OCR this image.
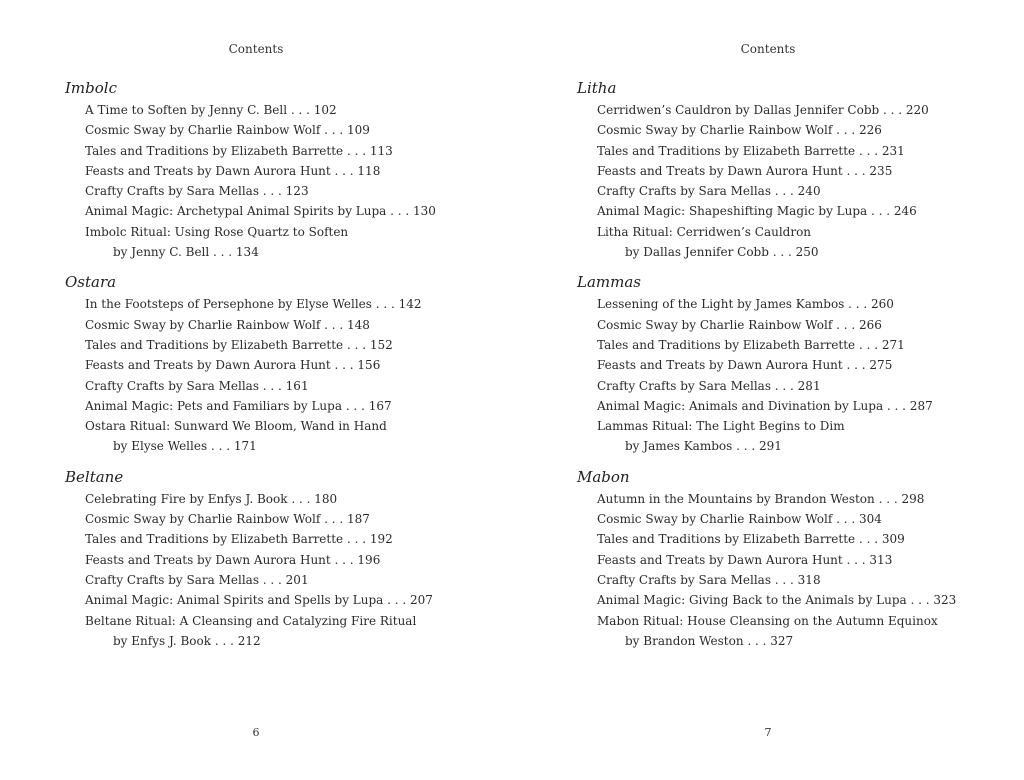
Contents
Imbolc
A Time to Soften by Jenny C. Bell . . . 102
Cosmic Sway by Charlie Rainbow Wolf . . . 109
Tales and Traditions by Elizabeth Barrette . . . 113
Feasts and Treats by Dawn Aurora Hunt . . . 118
Crafty Crafts by Sara Mellas . . . 123
Animal Magic: Archetypal Animal Spirits by Lupa . . . 130
Imbolc Ritual: Using Rose Quartz to Soften
by Jenny C. Bell . . . 134
Ostara
In the Footsteps of Persephone by Elyse Welles . . . 142
Cosmic Sway by Charlie Rainbow Wolf . . . 148
Tales and Traditions by Elizabeth Barrette . . . 152
Feasts and Treats by Dawn Aurora Hunt . . . 156
Crafty Crafts by Sara Mellas . . . 161
Animal Magic: Pets and Familiars by Lupa . . . 167
Ostara Ritual: Sunward We Bloom, Wand in Hand
by Elyse Welles . . . 171
Beltane
Celebrating Fire by Enfys J. Book . . . 180
Cosmic Sway by Charlie Rainbow Wolf . . . 187
Tales and Traditions by Elizabeth Barrette . . . 192
Feasts and Treats by Dawn Aurora Hunt . . . 196
Crafty Crafts by Sara Mellas . . . 201
Animal Magic: Animal Spirits and Spells by Lupa . . . 207
Beltane Ritual: A Cleansing and Catalyzing Fire Ritual
by Enfys J. Book . . . 212
6
Contents
Litha
Cerridwen’s Cauldron by Dallas Jennifer Cobb . . . 220
Cosmic Sway by Charlie Rainbow Wolf . . . 226
Tales and Traditions by Elizabeth Barrette . . . 231
Feasts and Treats by Dawn Aurora Hunt . . . 235
Crafty Crafts by Sara Mellas . . . 240
Animal Magic: Shapeshifting Magic by Lupa . . . 246
Litha Ritual: Cerridwen’s Cauldron
by Dallas Jennifer Cobb . . . 250
Lammas
Lessening of the Light by James Kambos . . . 260
Cosmic Sway by Charlie Rainbow Wolf . . . 266
Tales and Traditions by Elizabeth Barrette . . . 271
Feasts and Treats by Dawn Aurora Hunt . . . 275
Crafty Crafts by Sara Mellas . . . 281
Animal Magic: Animals and Divination by Lupa . . . 287
Lammas Ritual: The Light Begins to Dim
by James Kambos . . . 291
Mabon
Autumn in the Mountains by Brandon Weston . . . 298
Cosmic Sway by Charlie Rainbow Wolf . . . 304
Tales and Traditions by Elizabeth Barrette . . . 309
Feasts and Treats by Dawn Aurora Hunt . . . 313
Crafty Crafts by Sara Mellas . . . 318
Animal Magic: Giving Back to the Animals by Lupa . . . 323
Mabon Ritual: House Cleansing on the Autumn Equinox
by Brandon Weston . . . 327
7
